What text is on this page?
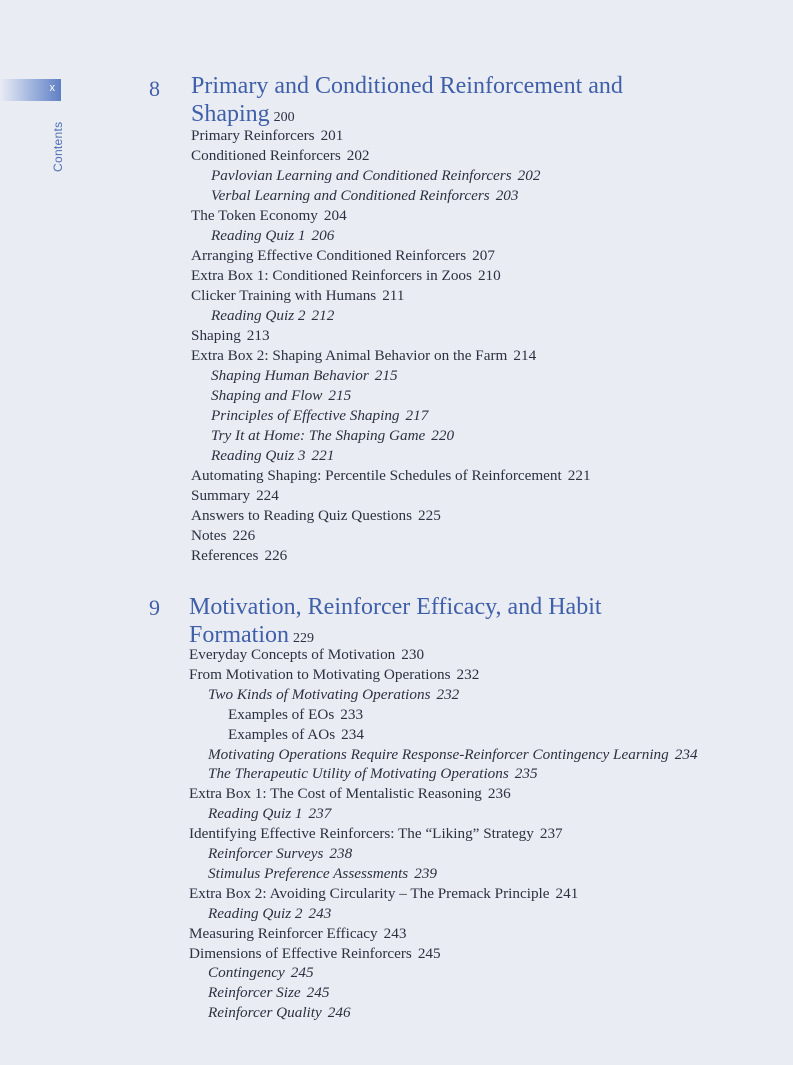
x
Contents
8 Primary and Conditioned Reinforcement and Shaping 200
Primary Reinforcers 201
Conditioned Reinforcers 202
Pavlovian Learning and Conditioned Reinforcers 202
Verbal Learning and Conditioned Reinforcers 203
The Token Economy 204
Reading Quiz 1 206
Arranging Effective Conditioned Reinforcers 207
Extra Box 1: Conditioned Reinforcers in Zoos 210
Clicker Training with Humans 211
Reading Quiz 2 212
Shaping 213
Extra Box 2: Shaping Animal Behavior on the Farm 214
Shaping Human Behavior 215
Shaping and Flow 215
Principles of Effective Shaping 217
Try It at Home: The Shaping Game 220
Reading Quiz 3 221
Automating Shaping: Percentile Schedules of Reinforcement 221
Summary 224
Answers to Reading Quiz Questions 225
Notes 226
References 226
9 Motivation, Reinforcer Efficacy, and Habit Formation 229
Everyday Concepts of Motivation 230
From Motivation to Motivating Operations 232
Two Kinds of Motivating Operations 232
Examples of EOs 233
Examples of AOs 234
Motivating Operations Require Response-Reinforcer Contingency Learning 234
The Therapeutic Utility of Motivating Operations 235
Extra Box 1: The Cost of Mentalistic Reasoning 236
Reading Quiz 1 237
Identifying Effective Reinforcers: The “Liking” Strategy 237
Reinforcer Surveys 238
Stimulus Preference Assessments 239
Extra Box 2: Avoiding Circularity – The Premack Principle 241
Reading Quiz 2 243
Measuring Reinforcer Efficacy 243
Dimensions of Effective Reinforcers 245
Contingency 245
Reinforcer Size 245
Reinforcer Quality 246
